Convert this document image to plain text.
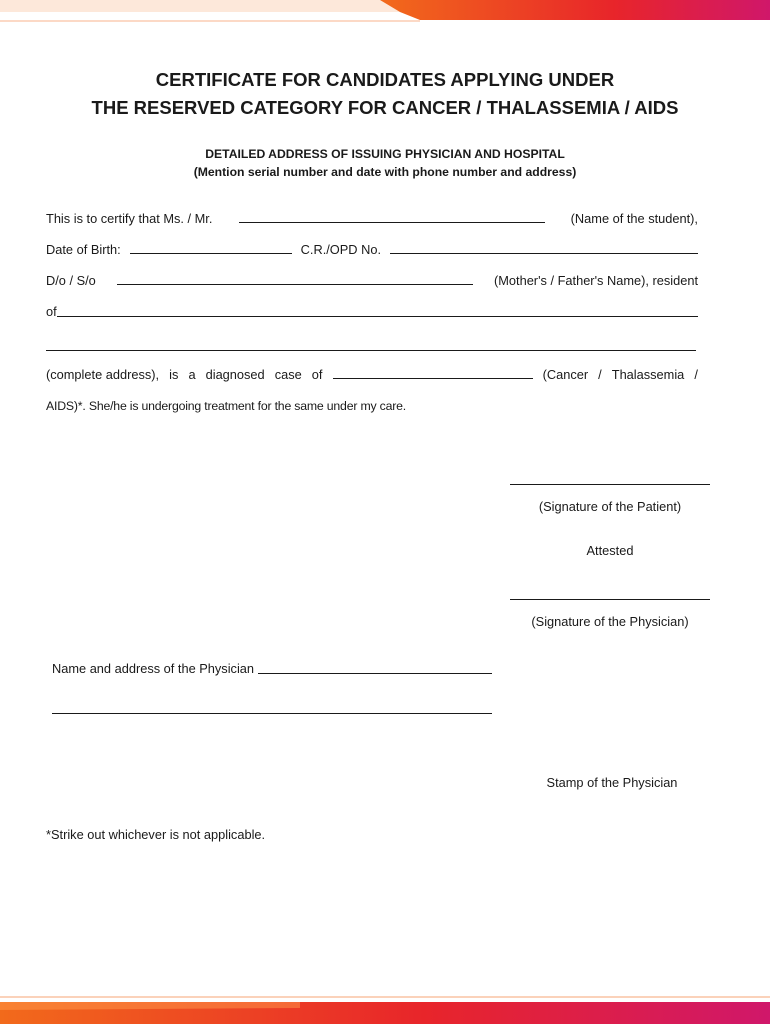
CERTIFICATE FOR CANDIDATES APPLYING UNDER
THE RESERVED CATEGORY FOR CANCER / THALASSEMIA / AIDS
DETAILED ADDRESS OF ISSUING PHYSICIAN AND HOSPITAL
(Mention serial number and date with phone number and address)
This is to certify that Ms. / Mr.	(Name of the student),
Date of Birth:	C.R./OPD No.
D/o / S/o	(Mother's / Father's Name), resident
of
(complete address), is a diagnosed case of	(Cancer / Thalassemia /
AIDS)*. She/he is undergoing treatment for the same under my care.
(Signature of the Patient)
Attested
(Signature of the Physician)
Name and address of the Physician
Stamp of the Physician
*Strike out whichever is not applicable.
